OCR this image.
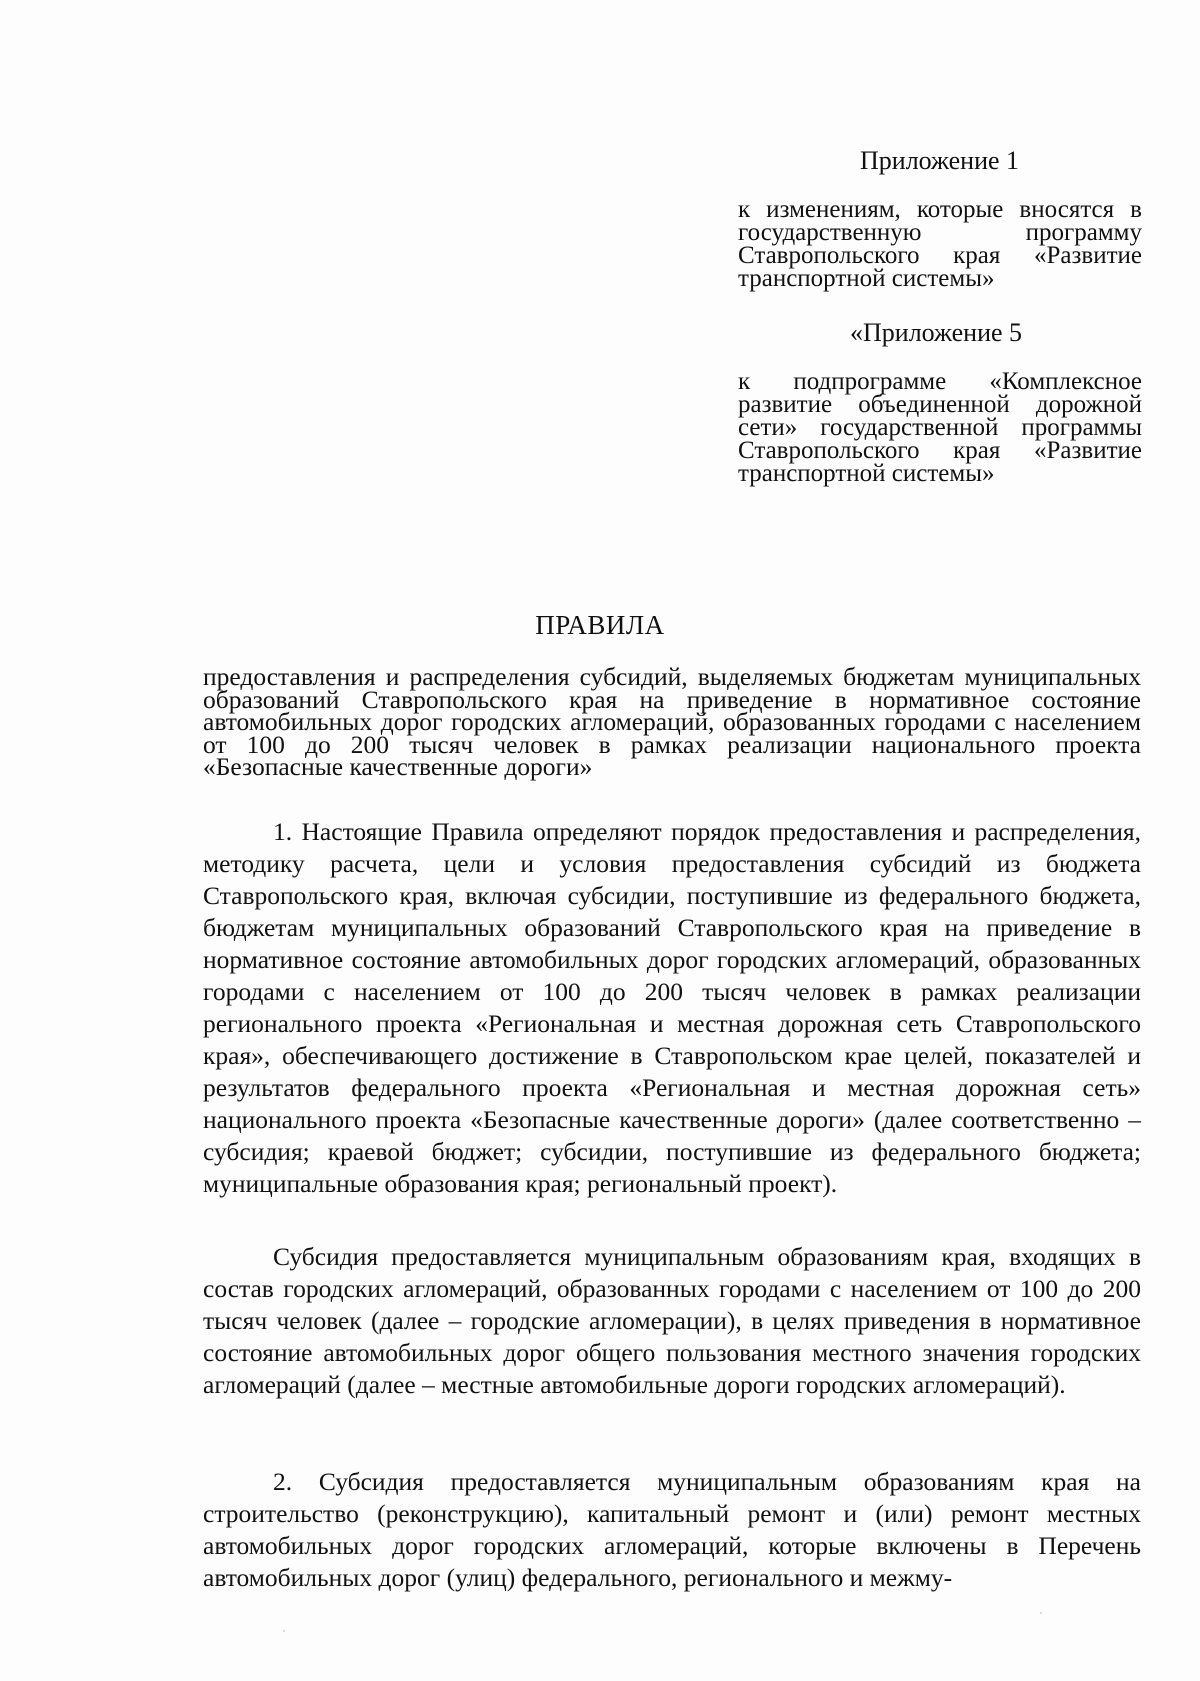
Приложение 1
к изменениям, которые вносятся в государственную программу Ставропольского края «Развитие транспортной системы»
«Приложение 5
к подпрограмме «Комплексное развитие объединенной дорожной сети» государственной программы Ставропольского края «Развитие транспортной системы»
ПРАВИЛА
предоставления и распределения субсидий, выделяемых бюджетам муниципальных образований Ставропольского края на приведение в нормативное состояние автомобильных дорог городских агломераций, образованных городами с населением от 100 до 200 тысяч человек в рамках реализации национального проекта «Безопасные качественные дороги»

1. Настоящие Правила определяют порядок предоставления и распределения, методику расчета, цели и условия предоставления субсидий из бюджета Ставропольского края, включая субсидии, поступившие из федерального бюджета, бюджетам муниципальных образований Ставропольского края на приведение в нормативное состояние автомобильных дорог городских агломераций, образованных городами с населением от 100 до 200 тысяч человек в рамках реализации регионального проекта «Региональная и местная дорожная сеть Ставропольского края», обеспечивающего достижение в Ставропольском крае целей, показателей и результатов федерального проекта «Региональная и местная дорожная сеть» национального проекта «Безопасные качественные дороги» (далее соответственно – субсидия; краевой бюджет; субсидии, поступившие из федерального бюджета; муниципальные образования края; региональный проект).

Субсидия предоставляется муниципальным образованиям края, входящих в состав городских агломераций, образованных городами с населением от 100 до 200 тысяч человек (далее – городские агломерации), в целях приведения в нормативное состояние автомобильных дорог общего пользования местного значения городских агломераций (далее – местные автомобильные дороги городских агломераций).

2. Субсидия предоставляется муниципальным образованиям края на строительство (реконструкцию), капитальный ремонт и (или) ремонт местных автомобильных дорог городских агломераций, которые включены в Перечень автомобильных дорог (улиц) федерального, регионального и межму-
